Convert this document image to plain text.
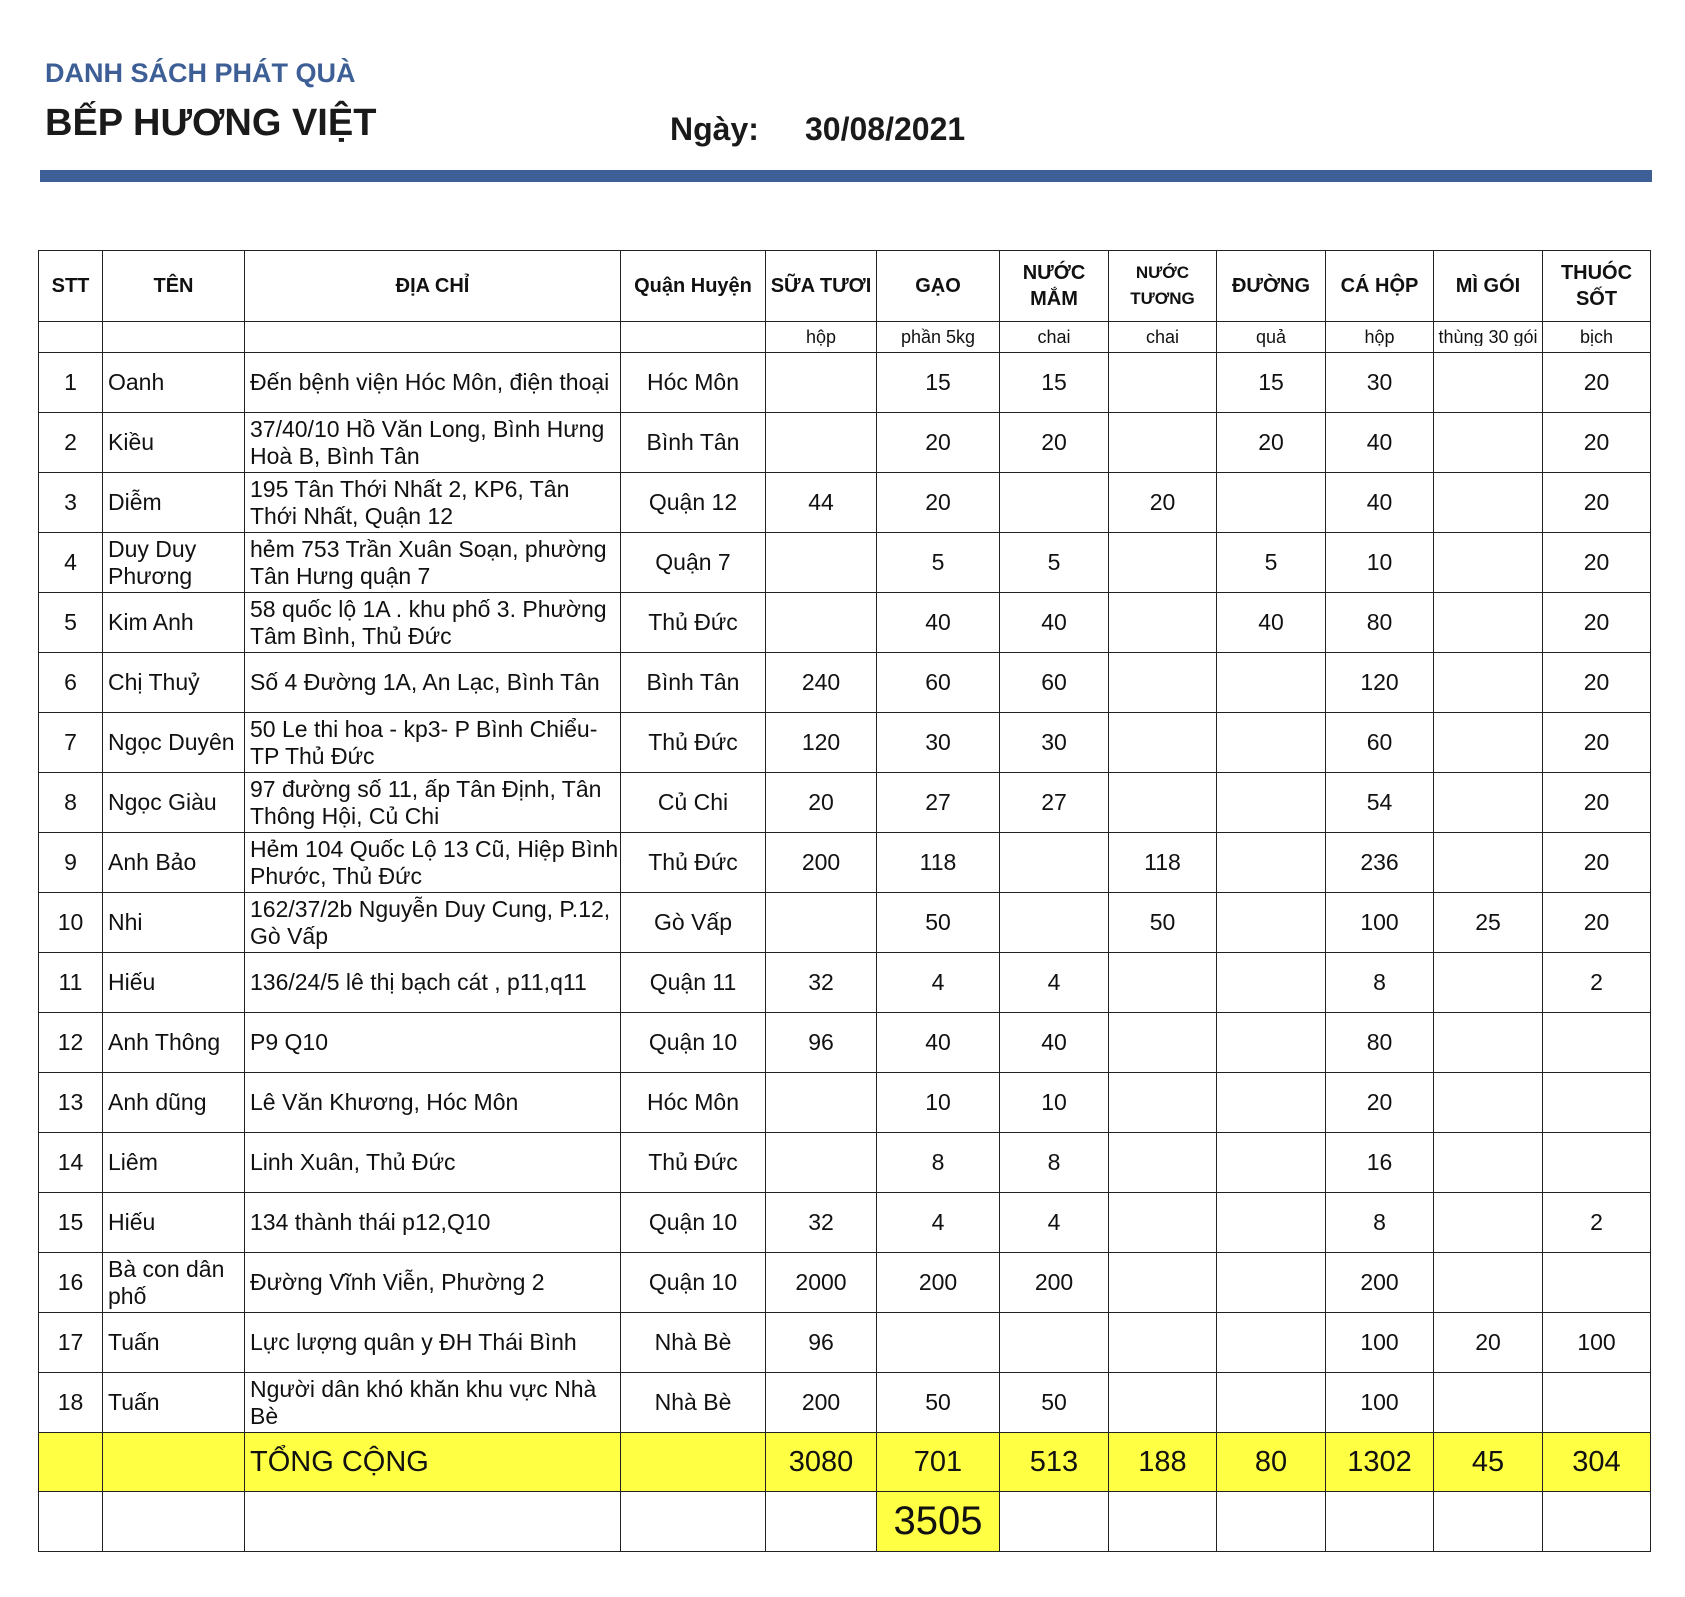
DANH SÁCH PHÁT QUÀ
BẾP HƯƠNG VIỆT	Ngày: 30/08/2021
STT	TÊN	ĐỊA CHỈ	Quận Huyện	SỮA TƯƠI	GẠO	NƯỚC MẮM	NƯỚC TƯƠNG	ĐƯỜNG	CÁ HỘP	MÌ GÓI	THUÓC SỐT
				hộp	phần 5kg	chai	chai	quả	hộp	thùng 30 gói	bịch
1	Oanh	Đến bệnh viện Hóc Môn, điện thoại	Hóc Môn		15	15		15	30		20
2	Kiều	37/40/10 Hồ Văn Long, Bình Hưng Hoà B, Bình Tân	Bình Tân		20	20		20	40		20
3	Diễm	195 Tân Thới Nhất 2, KP6, Tân Thới Nhất, Quận 12	Quận 12	44	20		20		40		20
4	Duy Duy Phương	hẻm 753 Trần Xuân Soạn, phường Tân Hưng quận 7	Quận 7		5	5		5	10		20
5	Kim Anh	58 quốc lộ 1A . khu phố 3. Phường Tâm Bình, Thủ Đức	Thủ Đức		40	40		40	80		20
6	Chị Thuỷ	Số 4 Đường 1A, An Lạc, Bình Tân	Bình Tân	240	60	60			120		20
7	Ngọc Duyên	50 Le thi hoa - kp3- P Bình Chiểu- TP Thủ Đức	Thủ Đức	120	30	30			60		20
8	Ngọc Giàu	97 đường số 11, ấp Tân Định, Tân Thông Hội, Củ Chi	Củ Chi	20	27	27			54		20
9	Anh Bảo	Hẻm 104 Quốc Lộ 13 Cũ, Hiệp Bình Phước, Thủ Đức	Thủ Đức	200	118		118		236		20
10	Nhi	162/37/2b Nguyễn Duy Cung, P.12, Gò Vấp	Gò Vấp		50		50		100	25	20
11	Hiếu	136/24/5 lê thị bạch cát , p11,q11	Quận 11	32	4	4			8		2
12	Anh Thông	P9 Q10	Quận 10	96	40	40			80		
13	Anh dũng	Lê Văn Khương, Hóc Môn	Hóc Môn		10	10			20		
14	Liêm	Linh Xuân, Thủ Đức	Thủ Đức		8	8			16		
15	Hiếu	134 thành thái p12,Q10	Quận 10	32	4	4			8		2
16	Bà con dân phố	Đường Vĩnh Viễn, Phường 2	Quận 10	2000	200	200			200		
17	Tuấn	Lực lượng quân y ĐH Thái Bình	Nhà Bè	96					100	20	100
18	Tuấn	Người dân khó khăn khu vực Nhà Bè	Nhà Bè	200	50	50			100		
		TỔNG CỘNG		3080	701	513	188	80	1302	45	304
					3505						
